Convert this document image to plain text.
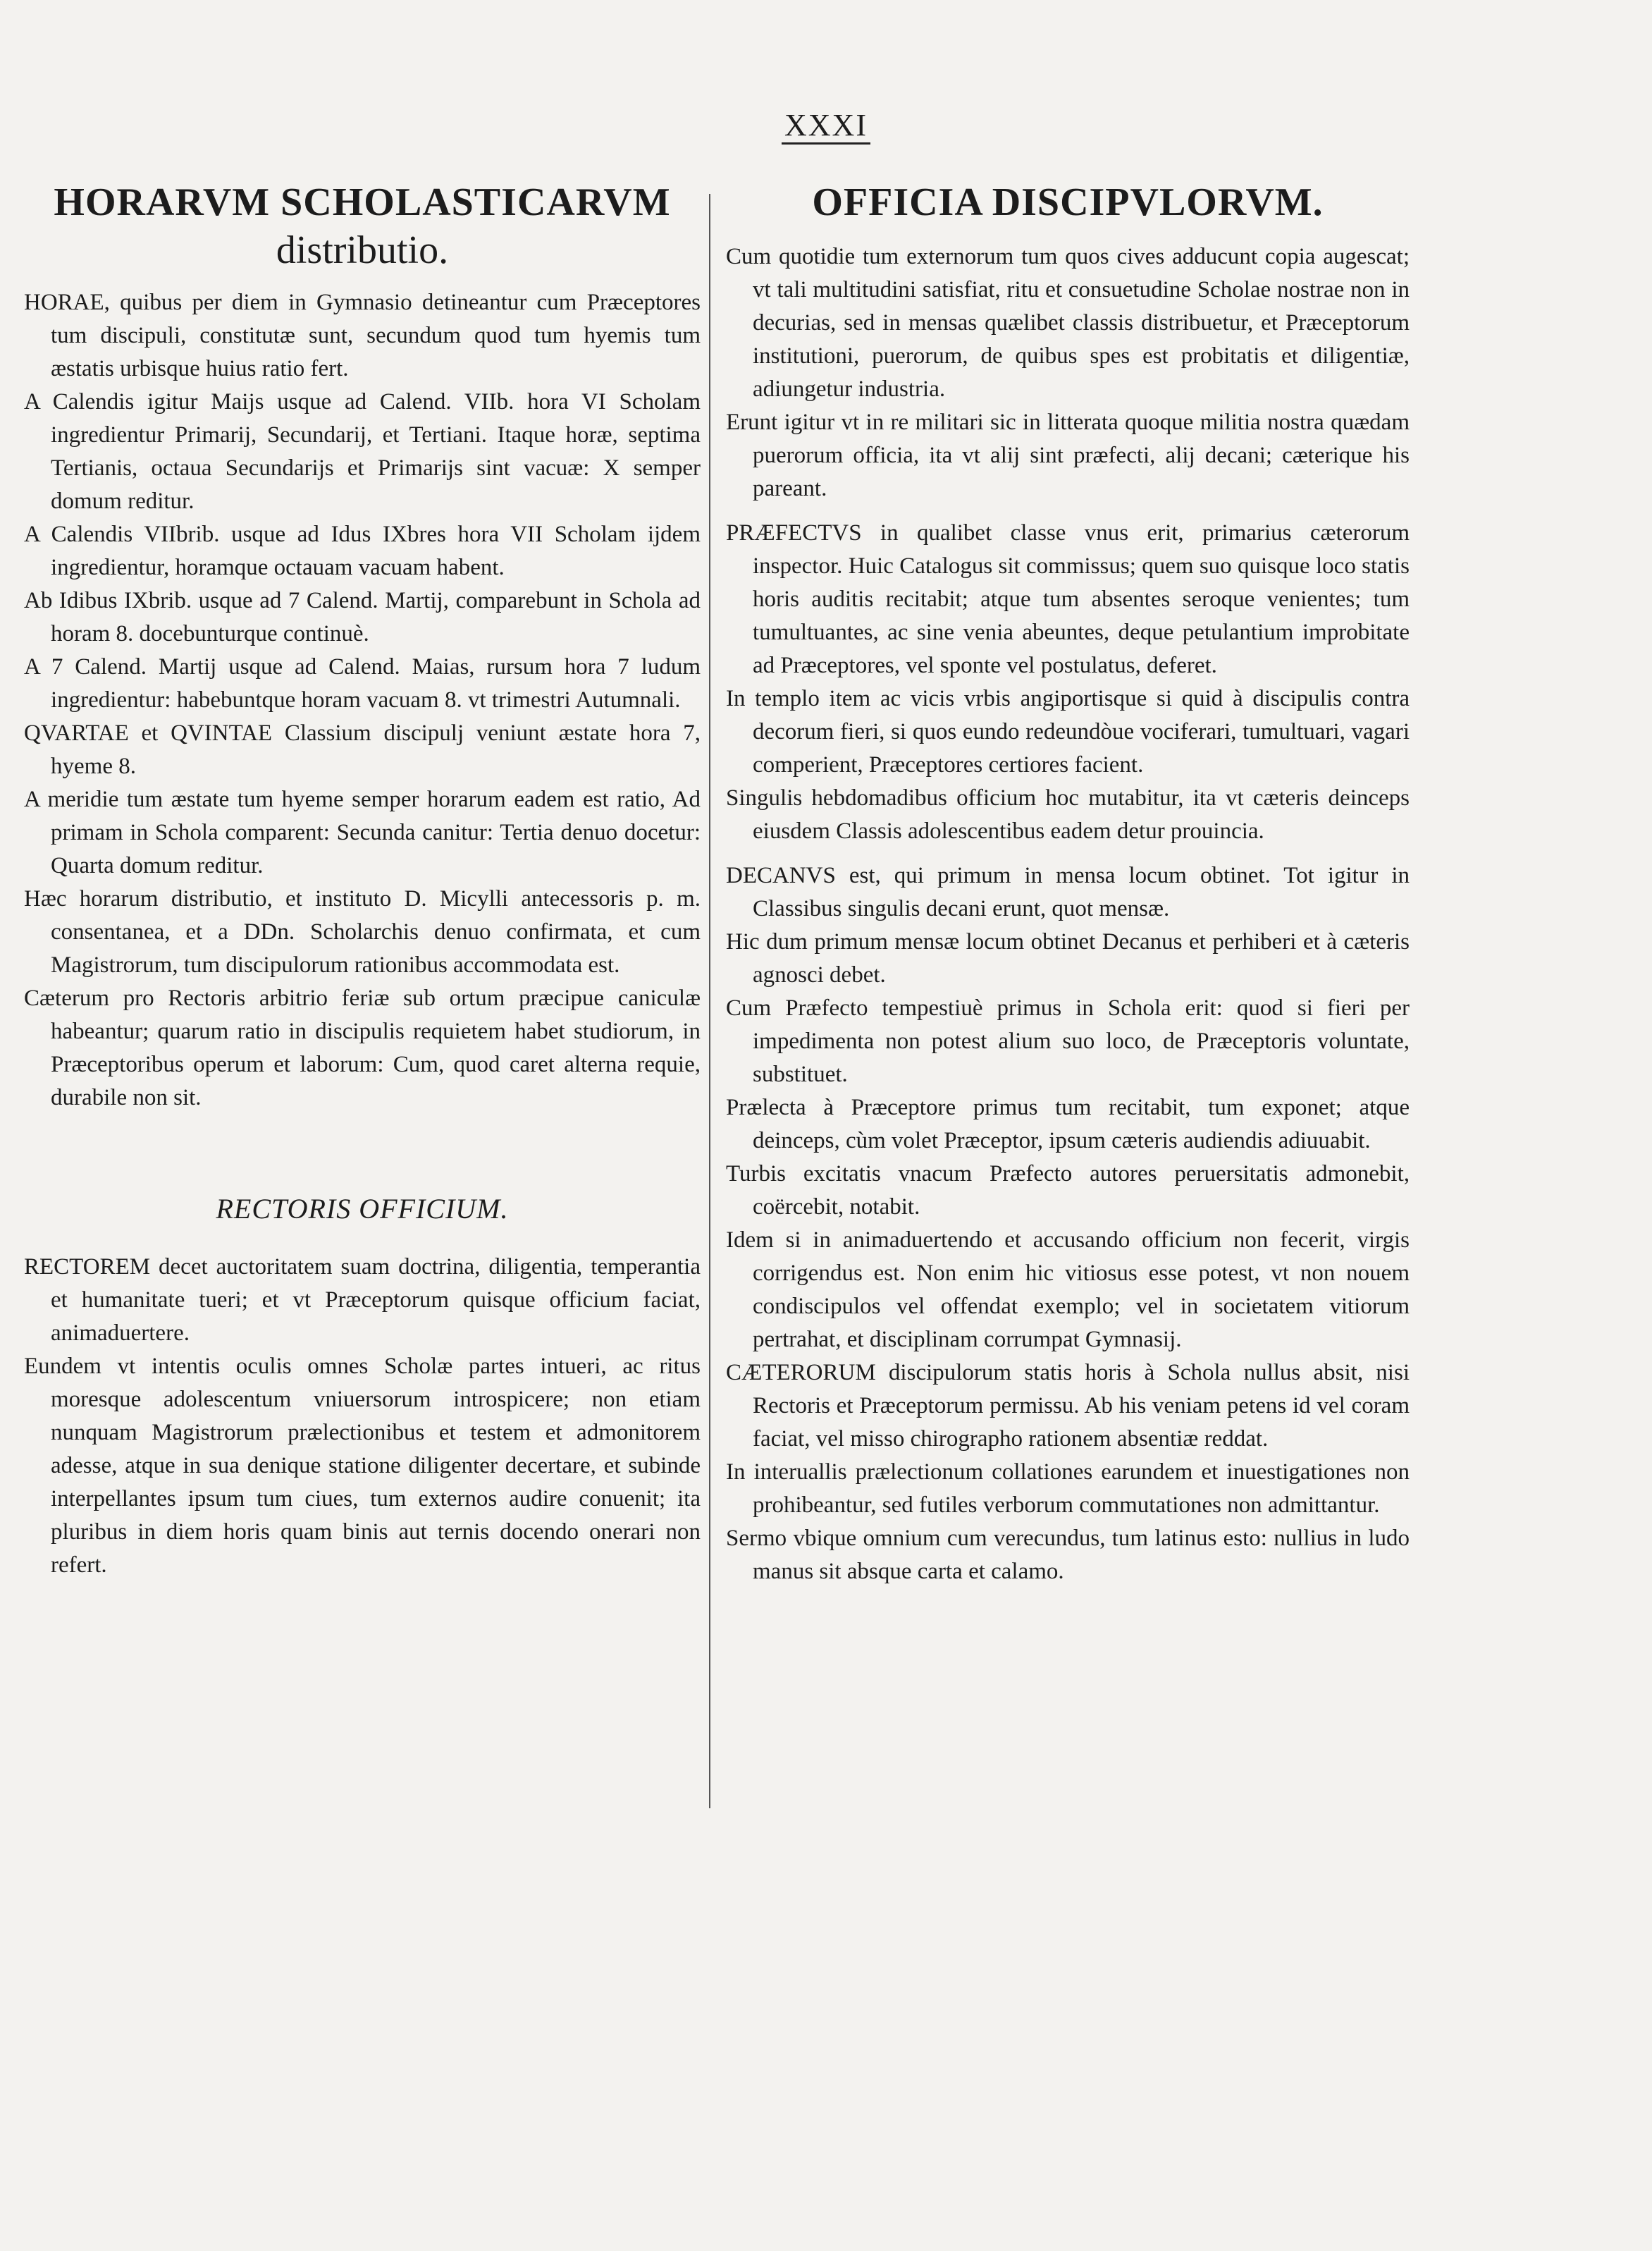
XXXI
HORARVM SCHOLASTICARVM
distributio.

HORAE, quibus per diem in Gymnasio detineantur cum Præceptores tum discipuli, constitutæ sunt, secundum quod tum hyemis tum æstatis urbisque huius ratio fert.

A Calendis igitur Maijs usque ad Calend. VIIb. hora VI Scholam ingredientur Primarij, Secundarij, et Tertiani. Itaque horæ, septima Tertianis, octaua Secundarijs et Primarijs sint vacuæ: X semper domum reditur.

A Calendis VIIbrib. usque ad Idus IXbres hora VII Scholam ijdem ingredientur, horamque octauam vacuam habent.

Ab Idibus IXbrib. usque ad 7 Calend. Martij, comparebunt in Schola ad horam 8. docebunturque continuè.

A 7 Calend. Martij usque ad Calend. Maias, rursum hora 7 ludum ingredientur: habebuntque horam vacuam 8. vt trimestri Autumnali.

QVARTAE et QVINTAE Classium discipulj veniunt æstate hora 7, hyeme 8.

A meridie tum æstate tum hyeme semper horarum eadem est ratio, Ad primam in Schola comparent: Secunda canitur: Tertia denuo docetur: Quarta domum reditur.

Hæc horarum distributio, et instituto D. Micylli antecessoris p. m. consentanea, et a DDn. Scholarchis denuo confirmata, et cum Magistrorum, tum discipulorum rationibus accommodata est.

Cæterum pro Rectoris arbitrio feriæ sub ortum præcipue caniculæ habeantur; quarum ratio in discipulis requietem habet studiorum, in Præceptoribus operum et laborum: Cum, quod caret alterna requie, durabile non sit.

RECTORIS OFFICIUM.

RECTOREM decet auctoritatem suam doctrina, diligentia, temperantia et humanitate tueri; et vt Præceptorum quisque officium faciat, animaduertere.

Eundem vt intentis oculis omnes Scholæ partes intueri, ac ritus moresque adolescentum vniuersorum introspicere; non etiam nunquam Magistrorum prælectionibus et testem et admonitorem adesse, atque in sua denique statione diligenter decertare, et subinde interpellantes ipsum tum ciues, tum externos audire conuenit; ita pluribus in diem horis quam binis aut ternis docendo onerari non refert.

OFFICIA DISCIPVLORVM.

Cum quotidie tum externorum tum quos cives adducunt copia augescat; vt tali multitudini satisfiat, ritu et consuetudine Scholae nostrae non in decurias, sed in mensas quælibet classis distribuetur, et Præceptorum institutioni, puerorum, de quibus spes est probitatis et diligentiæ, adiungetur industria.

Erunt igitur vt in re militari sic in litterata quoque militia nostra quædam puerorum officia, ita vt alij sint præfecti, alij decani; cæterique his pareant.

PRÆFECTVS in qualibet classe vnus erit, primarius cæterorum inspector. Huic Catalogus sit commissus; quem suo quisque loco statis horis auditis recitabit; atque tum absentes seroque venientes; tum tumultuantes, ac sine venia abeuntes, deque petulantium improbitate ad Præceptores, vel sponte vel postulatus, deferet.

In templo item ac vicis vrbis angiportisque si quid à discipulis contra decorum fieri, si quos eundo redeundòue vociferari, tumultuari, vagari comperient, Præceptores certiores facient.

Singulis hebdomadibus officium hoc mutabitur, ita vt cæteris deinceps eiusdem Classis adolescentibus eadem detur prouincia.

DECANVS est, qui primum in mensa locum obtinet. Tot igitur in Classibus singulis decani erunt, quot mensæ.

Hic dum primum mensæ locum obtinet Decanus et perhiberi et à cæteris agnosci debet.

Cum Præfecto tempestiuè primus in Schola erit: quod si fieri per impedimenta non potest alium suo loco, de Præceptoris voluntate, substituet.

Prælecta à Præceptore primus tum recitabit, tum exponet; atque deinceps, cùm volet Præceptor, ipsum cæteris audiendis adiuuabit.

Turbis excitatis vnacum Præfecto autores peruersitatis admonebit, coërcebit, notabit.

Idem si in animaduertendo et accusando officium non fecerit, virgis corrigendus est. Non enim hic vitiosus esse potest, vt non nouem condiscipulos vel offendat exemplo; vel in societatem vitiorum pertrahat, et disciplinam corrumpat Gymnasij.

CÆTERORUM discipulorum statis horis à Schola nullus absit, nisi Rectoris et Præceptorum permissu. Ab his veniam petens id vel coram faciat, vel misso chirographo rationem absentiæ reddat.

In interuallis prælectionum collationes earundem et inuestigationes non prohibeantur, sed futiles verborum commutationes non admittantur.

Sermo vbique omnium cum verecundus, tum latinus esto: nullius in ludo manus sit absque carta et calamo.
